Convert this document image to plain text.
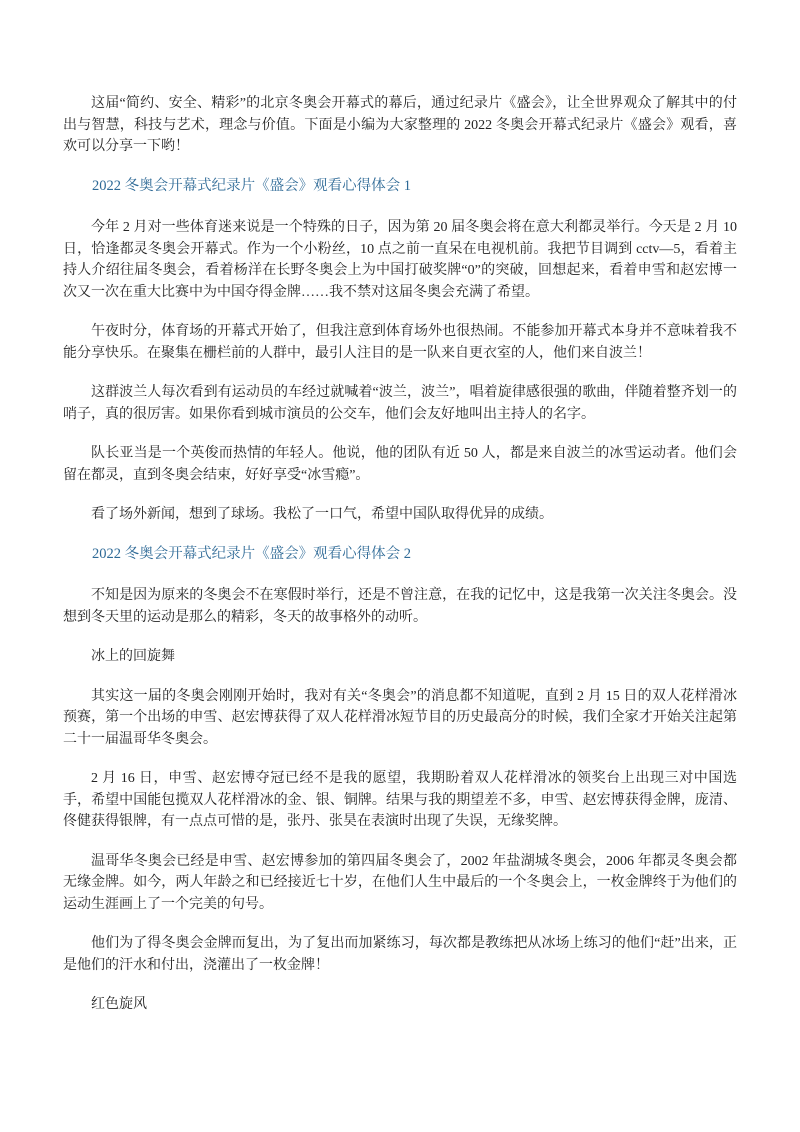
这届“简约、安全、精彩”的北京冬奥会开幕式的幕后，通过纪录片《盛会》，让全世界观众了解其中的付出与智慧，科技与艺术，理念与价值。下面是小编为大家整理的 2022 冬奥会开幕式纪录片《盛会》观看，喜欢可以分享一下哟！

2022 冬奥会开幕式纪录片《盛会》观看心得体会 1

今年 2 月对一些体育迷来说是一个特殊的日子，因为第 20 届冬奥会将在意大利都灵举行。今天是 2 月 10 日，恰逢都灵冬奥会开幕式。作为一个小粉丝，10 点之前一直呆在电视机前。我把节目调到 cctv—5，看着主持人介绍往届冬奥会，看着杨洋在长野冬奥会上为中国打破奖牌“0”的突破，回想起来，看着申雪和赵宏博一次又一次在重大比赛中为中国夺得金牌……我不禁对这届冬奥会充满了希望。

午夜时分，体育场的开幕式开始了，但我注意到体育场外也很热闹。不能参加开幕式本身并不意味着我不能分享快乐。在聚集在栅栏前的人群中，最引人注目的是一队来自更衣室的人，他们来自波兰！

这群波兰人每次看到有运动员的车经过就喊着“波兰，波兰”，唱着旋律感很强的歌曲，伴随着整齐划一的哨子，真的很厉害。如果你看到城市演员的公交车，他们会友好地叫出主持人的名字。

队长亚当是一个英俊而热情的年轻人。他说，他的团队有近 50 人，都是来自波兰的冰雪运动者。他们会留在都灵，直到冬奥会结束，好好享受“冰雪瘾”。

看了场外新闻，想到了球场。我松了一口气，希望中国队取得优异的成绩。

2022 冬奥会开幕式纪录片《盛会》观看心得体会 2

不知是因为原来的冬奥会不在寒假时举行，还是不曾注意，在我的记忆中，这是我第一次关注冬奥会。没想到冬天里的运动是那么的精彩，冬天的故事格外的动听。

冰上的回旋舞

其实这一届的冬奥会刚刚开始时，我对有关“冬奥会”的消息都不知道呢，直到 2 月 15 日的双人花样滑冰预赛，第一个出场的申雪、赵宏博获得了双人花样滑冰短节目的历史最高分的时候，我们全家才开始关注起第二十一届温哥华冬奥会。

2 月 16 日，申雪、赵宏博夺冠已经不是我的愿望，我期盼着双人花样滑冰的领奖台上出现三对中国选手，希望中国能包揽双人花样滑冰的金、银、铜牌。结果与我的期望差不多，申雪、赵宏博获得金牌，庞清、佟健获得银牌，有一点点可惜的是，张丹、张昊在表演时出现了失误，无缘奖牌。

温哥华冬奥会已经是申雪、赵宏博参加的第四届冬奥会了，2002 年盐湖城冬奥会，2006 年都灵冬奥会都无缘金牌。如今，两人年龄之和已经接近七十岁，在他们人生中最后的一个冬奥会上，一枚金牌终于为他们的运动生涯画上了一个完美的句号。

他们为了得冬奥会金牌而复出，为了复出而加紧练习，每次都是教练把从冰场上练习的他们“赶”出来，正是他们的汗水和付出，浇灌出了一枚金牌！

红色旋风
